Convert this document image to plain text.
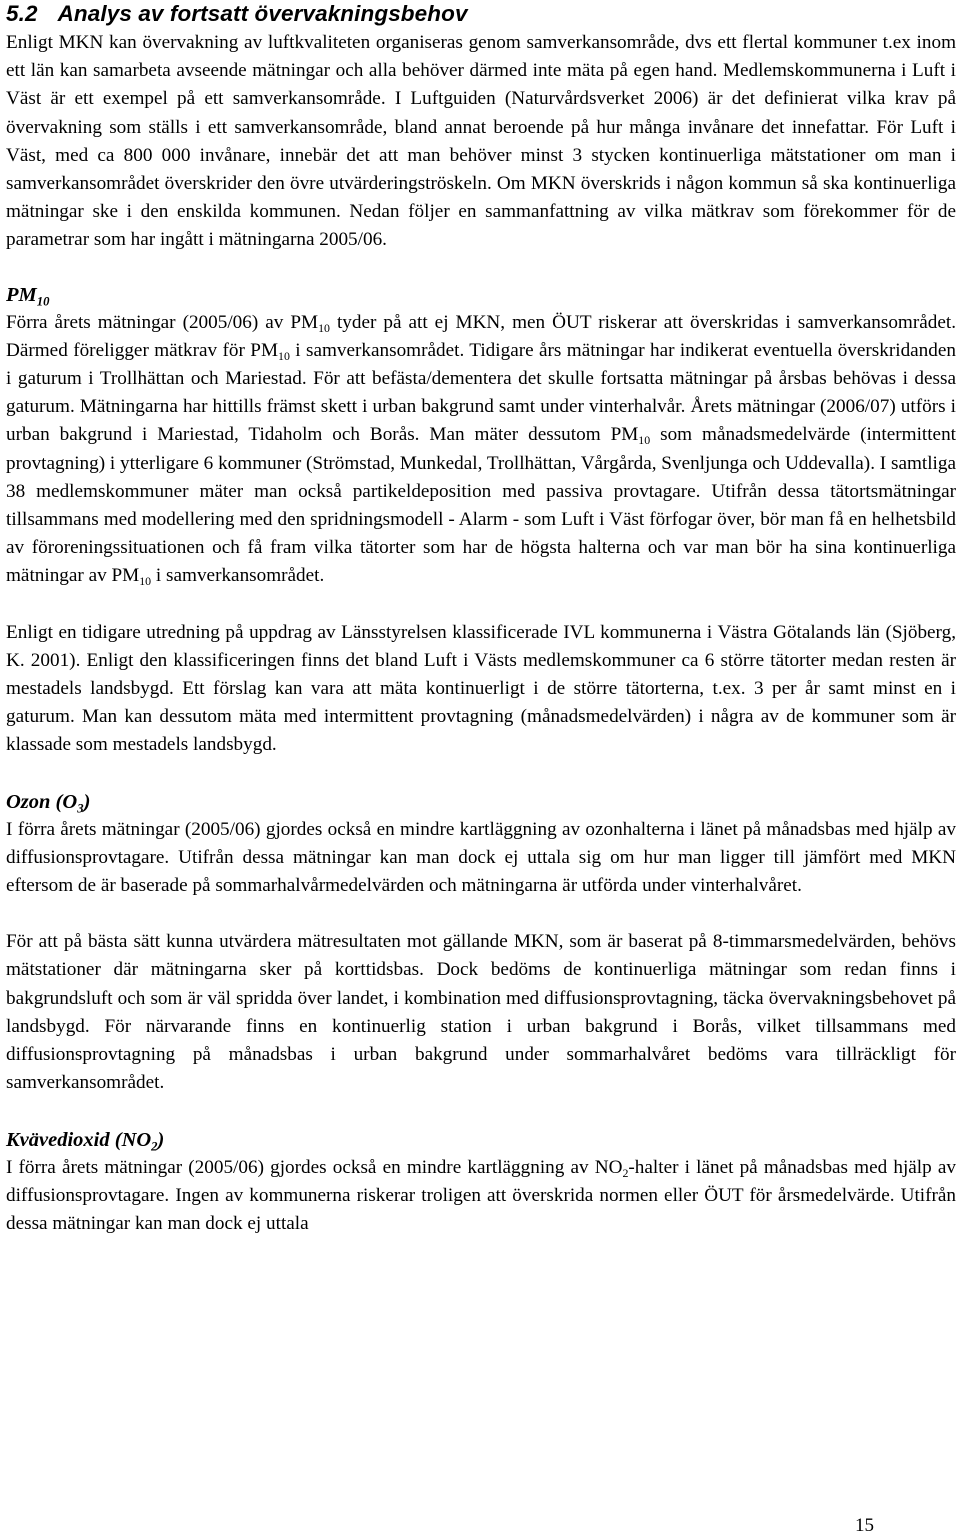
5.2 Analys av fortsatt övervakningsbehov

Enligt MKN kan övervakning av luftkvaliteten organiseras genom samverkansområde, dvs ett flertal kommuner t.ex inom ett län kan samarbeta avseende mätningar och alla behöver därmed inte mäta på egen hand. Medlemskommunerna i Luft i Väst är ett exempel på ett samverkansområde. I Luftguiden (Naturvårdsverket 2006) är det definierat vilka krav på övervakning som ställs i ett samverkansområde, bland annat beroende på hur många invånare det innefattar. För Luft i Väst, med ca 800 000 invånare, innebär det att man behöver minst 3 stycken kontinuerliga mätstationer om man i samverkansområdet överskrider den övre utvärderingströskeln. Om MKN överskrids i någon kommun så ska kontinuerliga mätningar ske i den enskilda kommunen. Nedan följer en sammanfattning av vilka mätkrav som förekommer för de parametrar som har ingått i mätningarna 2005/06.

$PM_{10}$

Förra årets mätningar (2005/06) av $PM_{10}$ tyder på att ej MKN, men ÖUT riskerar att överskridas i samverkansområdet. Därmed föreligger mätkrav för $PM_{10}$ i samverkansområdet. Tidigare års mätningar har indikerat eventuella överskridanden i gaturum i Trollhättan och Mariestad. För att befästa/dementera det skulle fortsatta mätningar på årsbas behövas i dessa gaturum. Mätningarna har hittills främst skett i urban bakgrund samt under vinterhalvår. Årets mätningar (2006/07) utförs i urban bakgrund i Mariestad, Tidaholm och Borås. Man mäter dessutom $PM_{10}$ som månadsmedelvärde (intermittent provtagning) i ytterligare 6 kommuner (Strömstad, Munkedal, Trollhättan, Vårgårda, Svenljunga och Uddevalla). I samtliga 38 medlemskommuner mäter man också partikeldeposition med passiva provtagare. Utifrån dessa tätortsmätningar tillsammans med modellering med den spridningsmodell - Alarm - som Luft i Väst förfogar över, bör man få en helhetsbild av föroreningssituationen och få fram vilka tätorter som har de högsta halterna och var man bör ha sina kontinuerliga mätningar av $PM_{10}$ i samverkansområdet.

Enligt en tidigare utredning på uppdrag av Länsstyrelsen klassificerade IVL kommunerna i Västra Götalands län (Sjöberg, K. 2001). Enligt den klassificeringen finns det bland Luft i Västs medlemskommuner ca 6 större tätorter medan resten är mestadels landsbygd. Ett förslag kan vara att mäta kontinuerligt i de större tätorterna, t.ex. 3 per år samt minst en i gaturum. Man kan dessutom mäta med intermittent provtagning (månadsmedelvärden) i några av de kommuner som är klassade som mestadels landsbygd.

Ozon $(O_3)$

I förra årets mätningar (2005/06) gjordes också en mindre kartläggning av ozonhalterna i länet på månadsbas med hjälp av diffusionsprovtagare. Utifrån dessa mätningar kan man dock ej uttala sig om hur man ligger till jämfört med MKN eftersom de är baserade på sommarhalvårmedelvärden och mätningarna är utförda under vinterhalvåret.

För att på bästa sätt kunna utvärdera mätresultaten mot gällande MKN, som är baserat på 8-timmarsmedelvärden, behövs mätstationer där mätningarna sker på korttidsbas. Dock bedöms de kontinuerliga mätningar som redan finns i bakgrundsluft och som är väl spridda över landet, i kombination med diffusionsprovtagning, täcka övervakningsbehovet på landsbygd. För närvarande finns en kontinuerlig station i urban bakgrund i Borås, vilket tillsammans med diffusionsprovtagning på månadsbas i urban bakgrund under sommarhalvåret bedöms vara tillräckligt för samverkansområdet.

Kvävedioxid $(NO_2)$

I förra årets mätningar (2005/06) gjordes också en mindre kartläggning av $NO_2$-halter i länet på månadsbas med hjälp av diffusionsprovtagare. Ingen av kommunerna riskerar troligen att överskrida normen eller ÖUT för årsmedelvärde. Utifrån dessa mätningar kan man dock ej uttala

15
